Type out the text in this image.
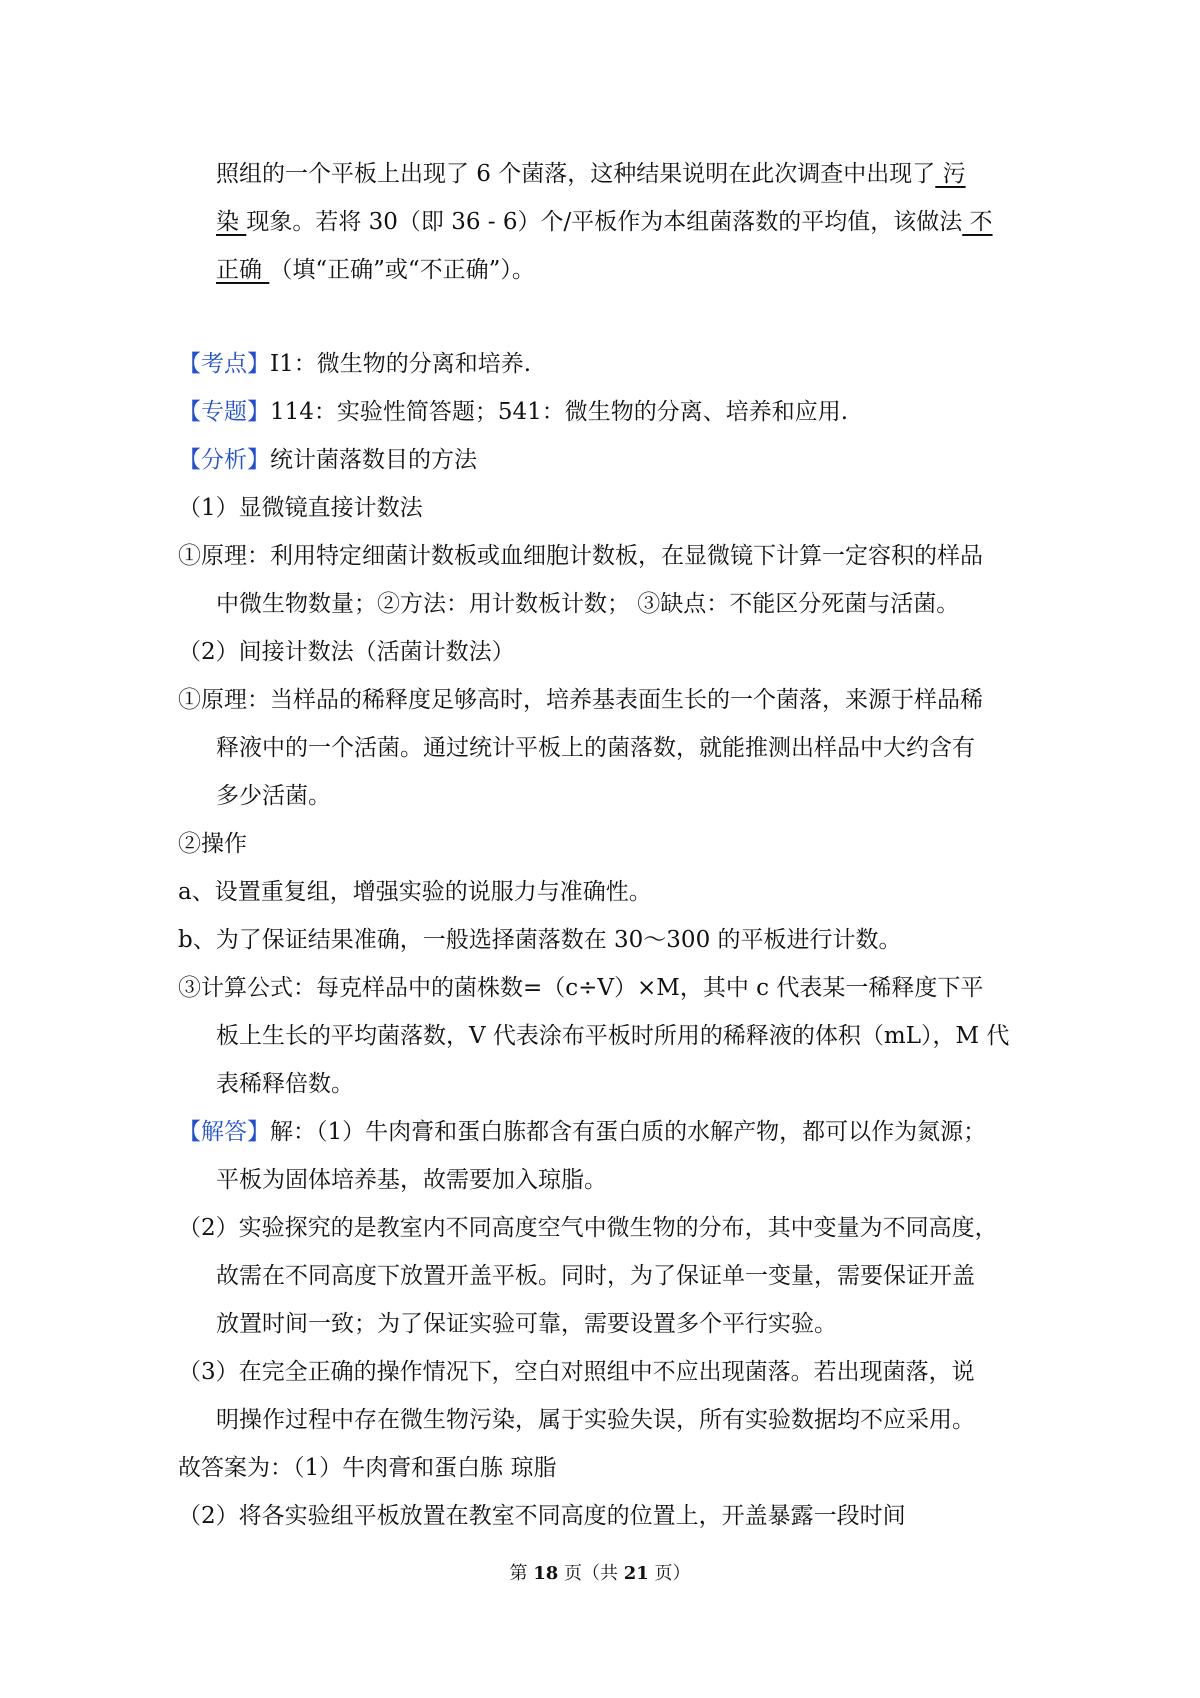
照组的一个平板上出现了 6 个菌落，这种结果说明在此次调查中出现了 污
染 现象。若将 30（即 36 - 6）个/平板作为本组菌落数的平均值，该做法 不
正确 （填“正确”或“不正确”）。
【考点】I1：微生物的分离和培养.
【专题】114：实验性简答题；541：微生物的分离、培养和应用.
【分析】统计菌落数目的方法
（1）显微镜直接计数法
①原理：利用特定细菌计数板或血细胞计数板，在显微镜下计算一定容积的样品
中微生物数量；②方法：用计数板计数； ③缺点：不能区分死菌与活菌。
（2）间接计数法（活菌计数法）
①原理：当样品的稀释度足够高时，培养基表面生长的一个菌落，来源于样品稀
释液中的一个活菌。通过统计平板上的菌落数，就能推测出样品中大约含有
多少活菌。
②操作
a、设置重复组，增强实验的说服力与准确性。
b、为了保证结果准确，一般选择菌落数在 30～300 的平板进行计数。
③计算公式：每克样品中的菌株数=（c÷V）×M，其中 c 代表某一稀释度下平
板上生长的平均菌落数，V 代表涂布平板时所用的稀释液的体积（mL），M 代
表稀释倍数。
【解答】解：（1）牛肉膏和蛋白胨都含有蛋白质的水解产物，都可以作为氮源；
平板为固体培养基，故需要加入琼脂。
（2）实验探究的是教室内不同高度空气中微生物的分布，其中变量为不同高度，
故需在不同高度下放置开盖平板。同时，为了保证单一变量，需要保证开盖
放置时间一致；为了保证实验可靠，需要设置多个平行实验。
（3）在完全正确的操作情况下，空白对照组中不应出现菌落。若出现菌落，说
明操作过程中存在微生物污染，属于实验失误，所有实验数据均不应采用。
故答案为：（1）牛肉膏和蛋白胨 琼脂
（2）将各实验组平板放置在教室不同高度的位置上，开盖暴露一段时间
第 18 页（共 21 页）
